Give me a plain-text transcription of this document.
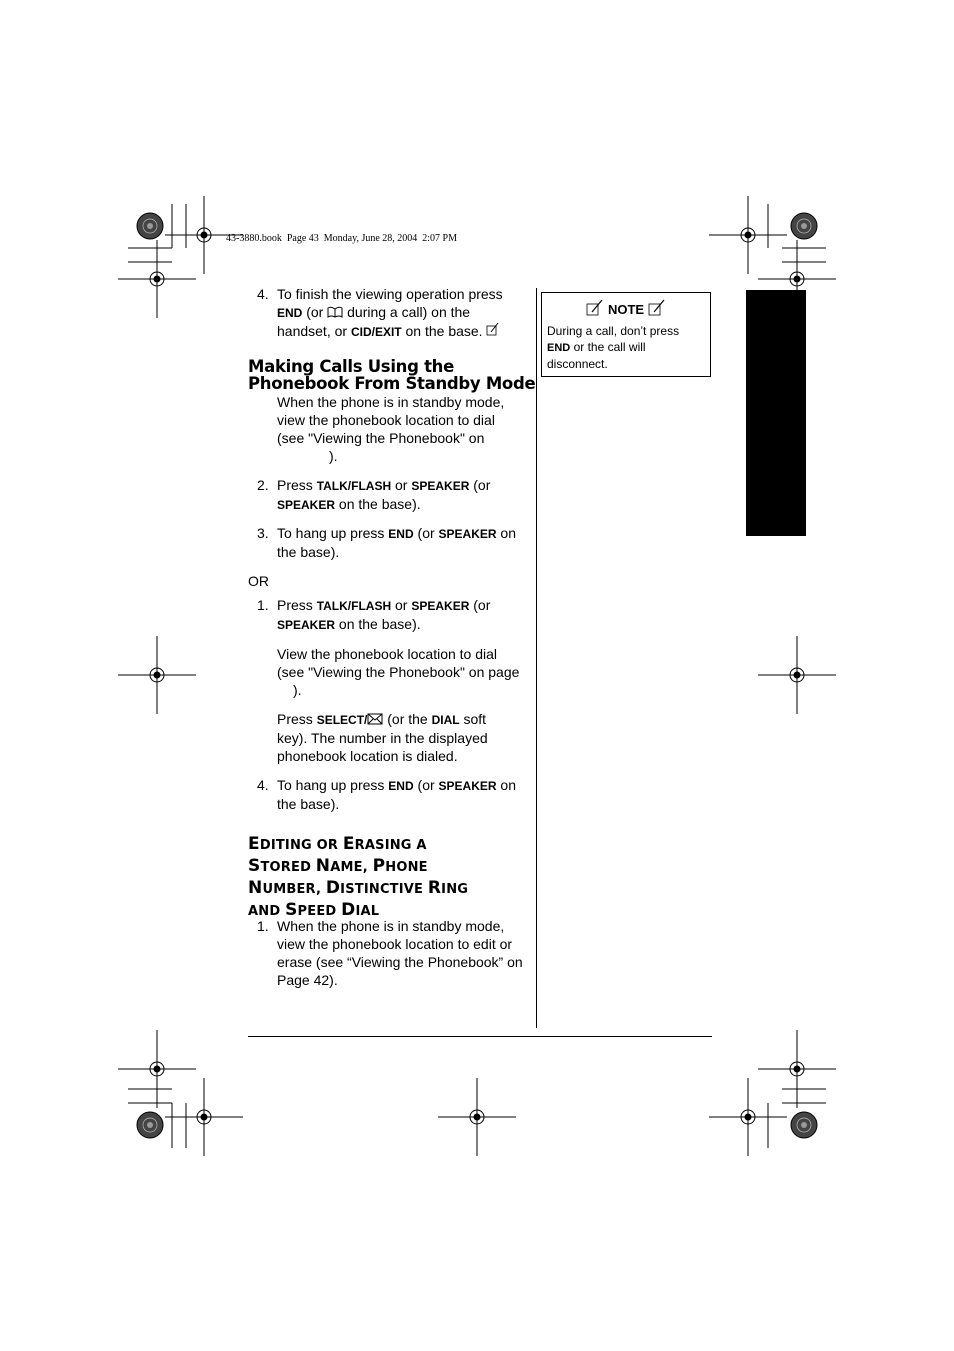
43-3880.book  Page 43  Monday, June 28, 2004  2:07 PM
4. To finish the viewing operation press
END (or  during a call) on the
handset, or CID/EXIT on the base.
Making Calls Using the
Phonebook From Standby Mode
When the phone is in standby mode,
view the phonebook location to dial
(see "Viewing the Phonebook" on
).
2. Press TALK/FLASH or SPEAKER (or
SPEAKER on the base).
3. To hang up press END (or SPEAKER on
the base).
OR
1. Press TALK/FLASH or SPEAKER (or
SPEAKER on the base).
View the phonebook location to dial
(see "Viewing the Phonebook" on page
).
Press SELECT/ (or the DIAL soft
key). The number in the displayed
phonebook location is dialed.
4. To hang up press END (or SPEAKER on
the base).
EDITING OR ERASING A
STORED NAME, PHONE
NUMBER, DISTINCTIVE RING
AND SPEED DIAL
1. When the phone is in standby mode,
view the phonebook location to edit or
erase (see “Viewing the Phonebook” on
Page 42).
NOTE
During a call, don’t press
END or the call will
disconnect.
